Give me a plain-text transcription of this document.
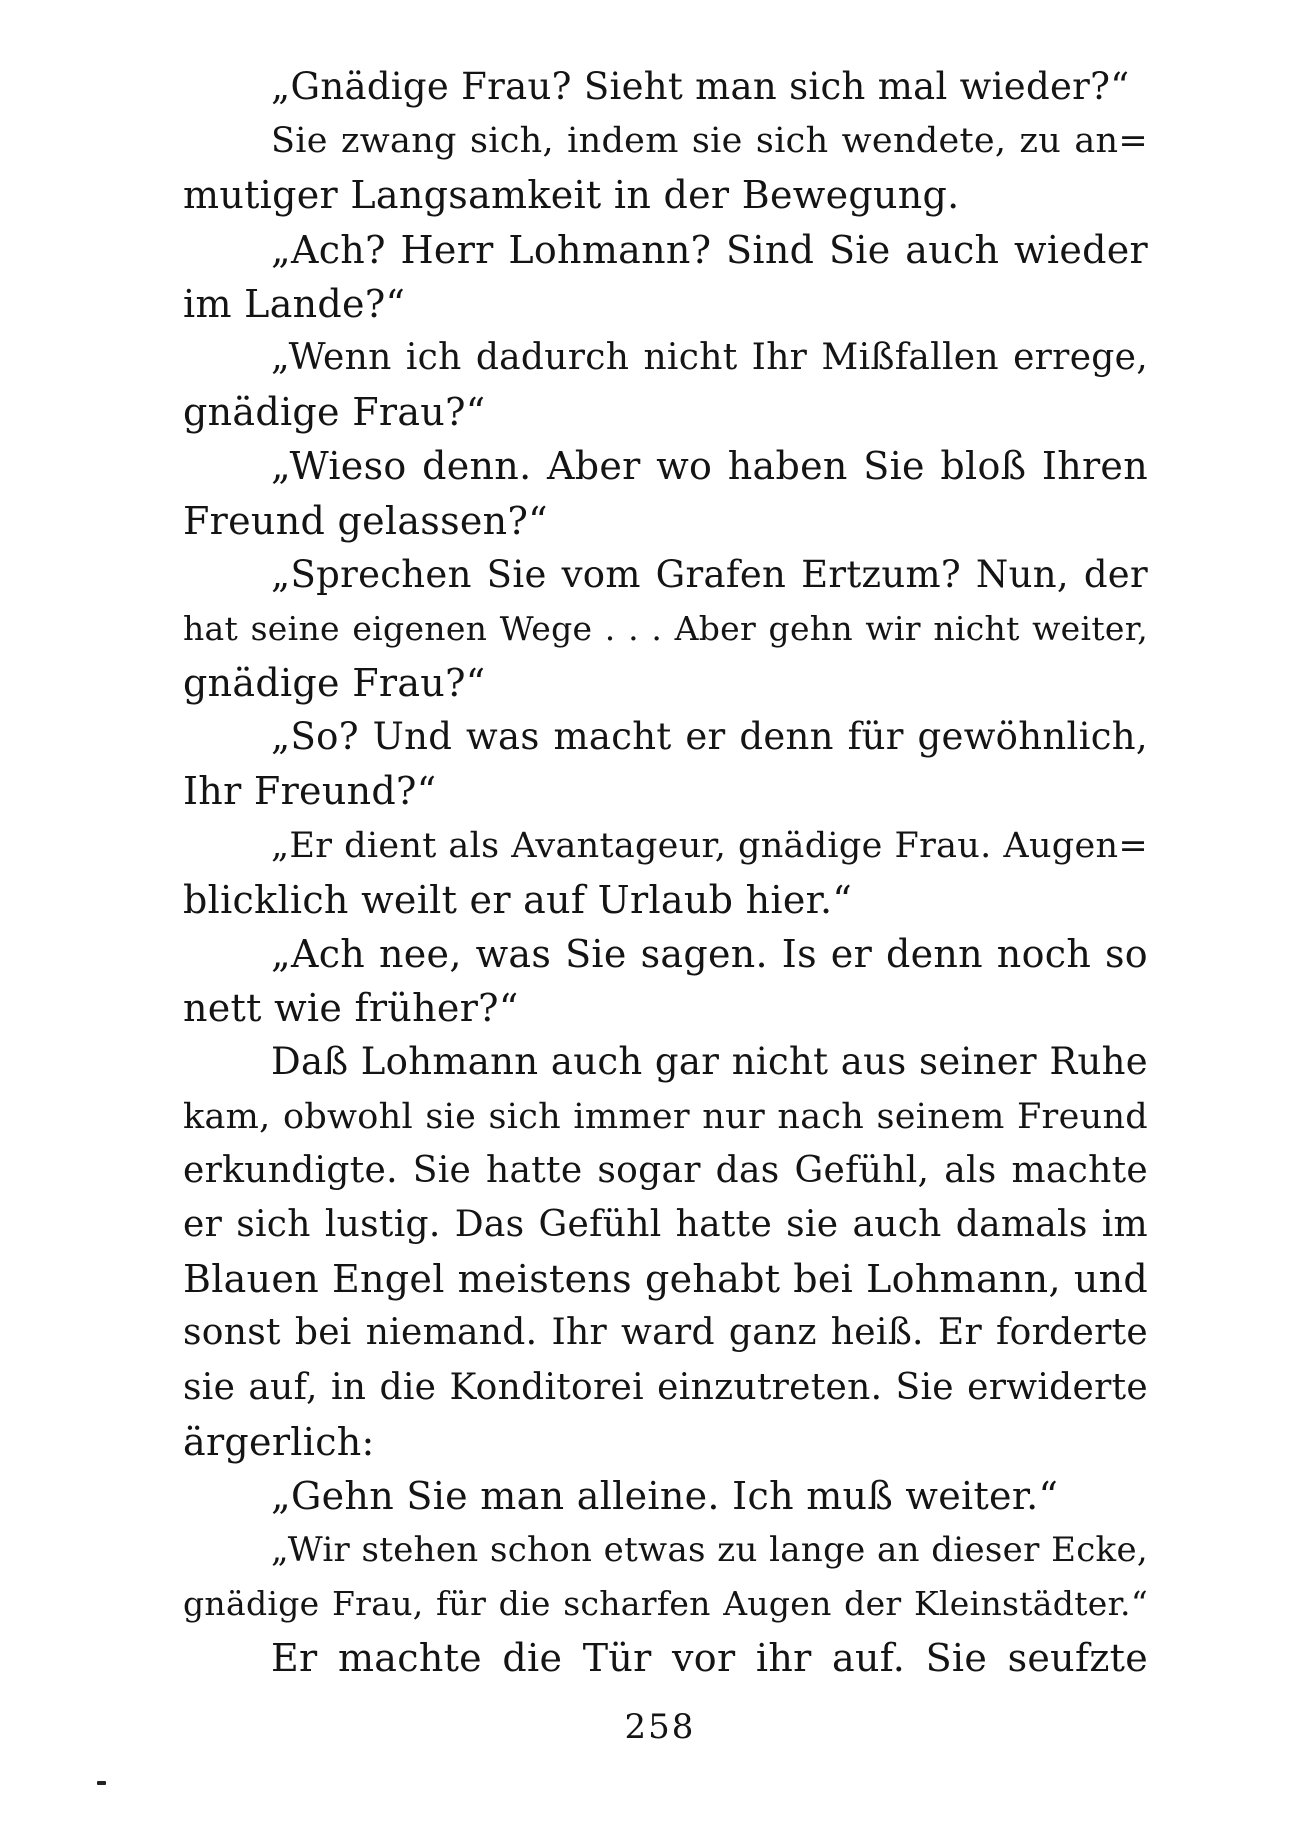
„Gnädige Frau? Sieht man sich mal wieder?“
Sie zwang sich, indem sie sich wendete, zu an=
mutiger Langsamkeit in der Bewegung.
„Ach? Herr Lohmann? Sind Sie auch wieder
im Lande?“
„Wenn ich dadurch nicht Ihr Mißfallen errege,
gnädige Frau?“
„Wieso denn. Aber wo haben Sie bloß Ihren
Freund gelassen?“
„Sprechen Sie vom Grafen Ertzum? Nun, der
hat seine eigenen Wege . . . Aber gehn wir nicht weiter,
gnädige Frau?“
„So? Und was macht er denn für gewöhnlich,
Ihr Freund?“
„Er dient als Avantageur, gnädige Frau. Augen=
blicklich weilt er auf Urlaub hier.“
„Ach nee, was Sie sagen. Is er denn noch so
nett wie früher?“
Daß Lohmann auch gar nicht aus seiner Ruhe
kam, obwohl sie sich immer nur nach seinem Freund
erkundigte. Sie hatte sogar das Gefühl, als machte
er sich lustig. Das Gefühl hatte sie auch damals im
Blauen Engel meistens gehabt bei Lohmann, und
sonst bei niemand. Ihr ward ganz heiß. Er forderte
sie auf, in die Konditorei einzutreten. Sie erwiderte
ärgerlich:
„Gehn Sie man alleine. Ich muß weiter.“
„Wir stehen schon etwas zu lange an dieser Ecke,
gnädige Frau, für die scharfen Augen der Kleinstädter.“
Er machte die Tür vor ihr auf. Sie seufzte
258
